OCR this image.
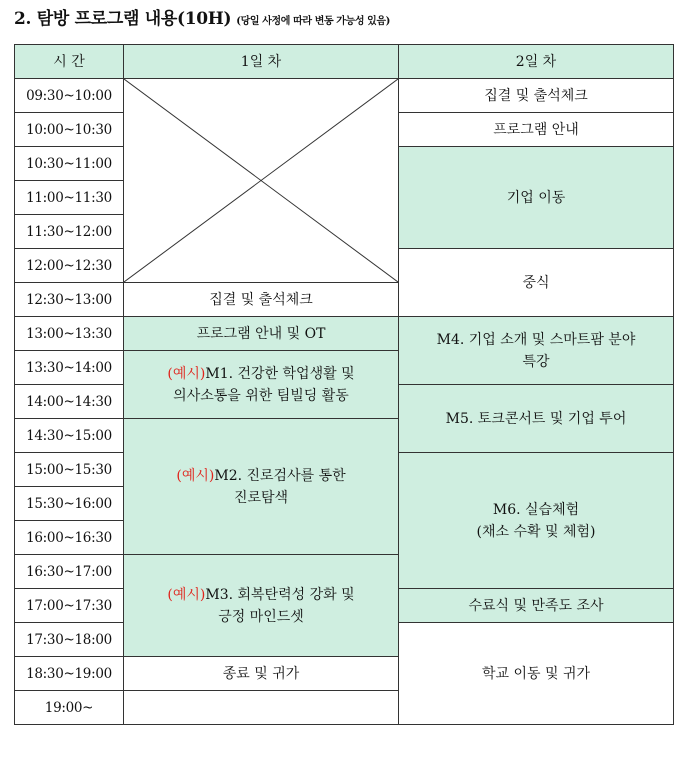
2. 탐방 프로그램 내용(10H) (당일 사정에 따라 변동 가능성 있음)
시 간	1일 차	2일 차
09:30~10:00		집결 및 출석체크
10:00~10:30		프로그램 안내
10:30~11:00		기업 이동
11:00~11:30		
11:30~12:00		
12:00~12:30		중식
12:30~13:00	집결 및 출석체크	
13:00~13:30	프로그램 안내 및 OT	M4. 기업 소개 및 스마트팜 분야
특강

13:30~14:00	(예시)M1. 건강한 학업생활 및
의사소통을 위한 팀빌딩 활동	

14:00~14:30		M5. 토크콘서트 및 기업 투어
14:30~15:00	(예시)M2. 진로검사를 통한
진로탐색	

15:00~15:30		M6. 실습체험
(채소 수확 및 체험)

15:30~16:00		
16:00~16:30		
16:30~17:00	(예시)M3. 회복탄력성 강화 및
긍정 마인드셋	

17:00~17:30		수료식 및 만족도 조사
17:30~18:00		학교 이동 및 귀가
18:30~19:00	종료 및 귀가	
19:00~		
